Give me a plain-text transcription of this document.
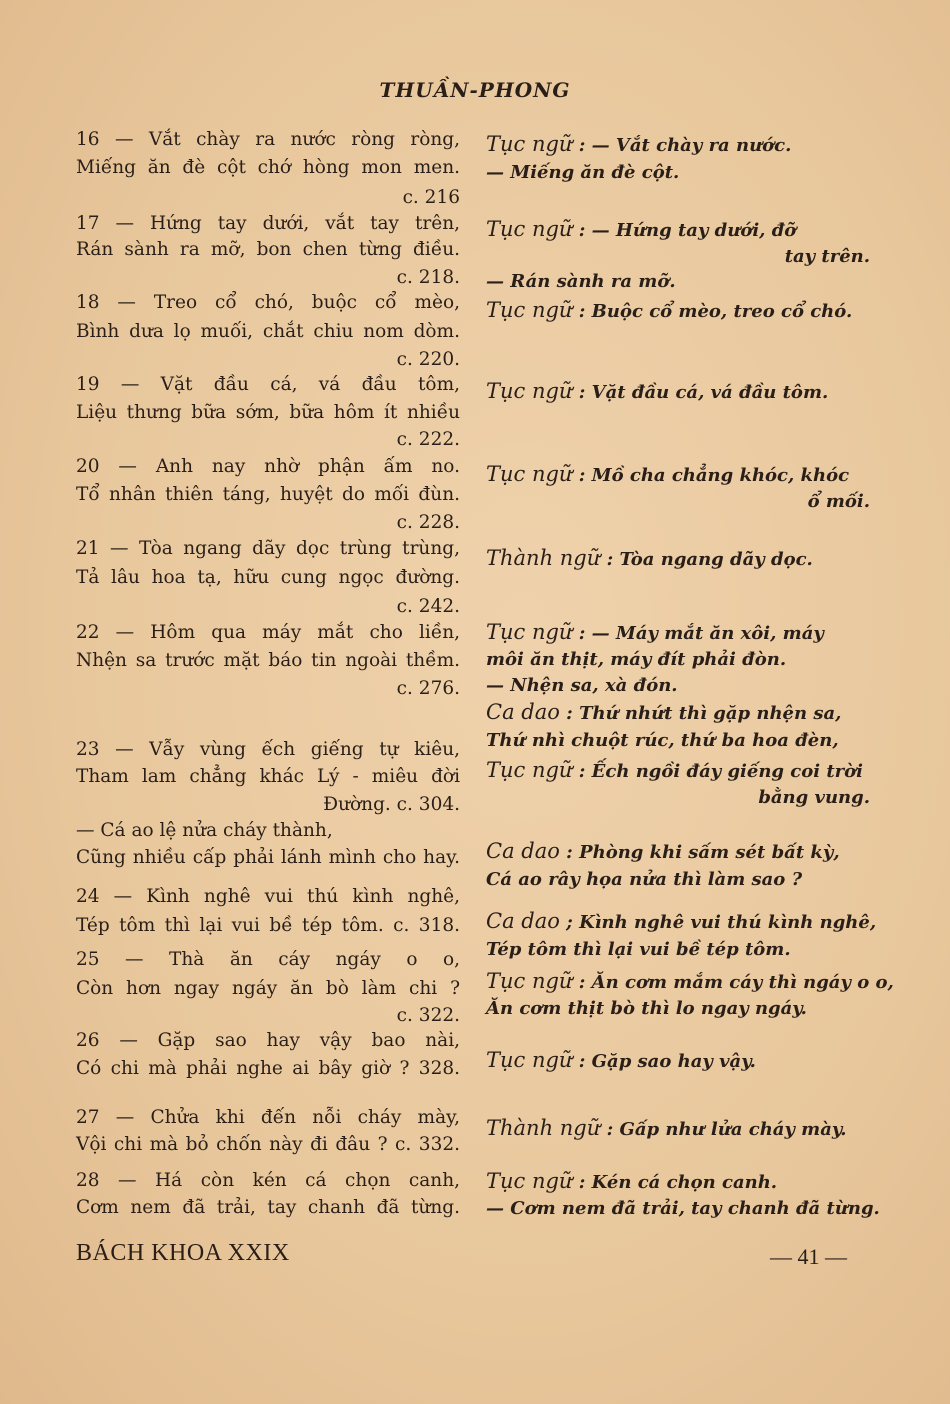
THUẦN-PHONG
16 — Vắt chày ra nước ròng ròng,
Miếng ăn đè cột chớ hòng mon men.
c. 216
17 — Hứng tay dưới, vắt tay trên,
Rán sành ra mỡ, bon chen từng điều.
c. 218.
18 — Treo cổ chó, buộc cổ mèo,
Bình dưa lọ muối, chắt chiu nom dòm.
c. 220.
19 — Vặt đầu cá, vá đầu tôm,
Liệu thưng bữa sớm, bữa hôm ít nhiều
c. 222.
20 — Anh nay nhờ phận ấm no.
Tổ nhân thiên táng, huyệt do mối đùn.
c. 228.
21 — Tòa ngang dãy dọc trùng trùng,
Tả lâu hoa tạ, hữu cung ngọc đường.
c. 242.
22 — Hôm qua máy mắt cho liền,
Nhện sa trước mặt báo tin ngoài thềm.
c. 276.
23 — Vẫy vùng ếch giếng tự kiêu,
Tham lam chẳng khác Lý - miêu đời
Đường. c. 304.
— Cá ao lệ nửa cháy thành,
Cũng nhiều cấp phải lánh mình cho hay.
24 — Kình nghê vui thú kình nghê,
Tép tôm thì lại vui bề tép tôm. c. 318.
25 — Thà ăn cáy ngáy o o,
Còn hơn ngay ngáy ăn bò làm chi ?
c. 322.
26 — Gặp sao hay vậy bao nài,
Có chi mà phải nghe ai bây giờ ? 328.
27 — Chửa khi đến nỗi cháy mày,
Vội chi mà bỏ chốn này đi đâu ? c. 332.
28 — Há còn kén cá chọn canh,
Cơm nem đã trải, tay chanh đã từng.
Tục ngữ : — Vắt chày ra nước.
— Miếng ăn đè cột.
Tục ngữ : — Hứng tay dưới, đỡ
tay trên.
— Rán sành ra mỡ.
Tục ngữ : Buộc cổ mèo, treo cổ chó.
Tục ngữ : Vặt đầu cá, vá đầu tôm.
Tục ngữ : Mồ cha chẳng khóc, khóc
ổ mối.
Thành ngữ : Tòa ngang dãy dọc.
Tục ngữ : — Máy mắt ăn xôi, máy
môi ăn thịt, máy đít phải đòn.
— Nhện sa, xà đón.
Ca dao : Thứ nhứt thì gặp nhện sa,
Thứ nhì chuột rúc, thứ ba hoa đèn,
Tục ngữ : Ếch ngồi đáy giếng coi trời
bằng vung.
Ca dao : Phòng khi sấm sét bất kỳ,
Cá ao rây họa nửa thì làm sao ?
Ca dao ; Kình nghê vui thú kình nghê,
Tép tôm thì lại vui bề tép tôm.
Tục ngữ : Ăn cơm mắm cáy thì ngáy o o,
Ăn cơm thịt bò thì lo ngay ngáy.
Tục ngữ : Gặp sao hay vậy.
Thành ngữ : Gấp như lửa cháy mày.
Tục ngữ : Kén cá chọn canh.
— Cơm nem đã trải, tay chanh đã từng.
BÁCH KHOA XXIX	— 41 —
